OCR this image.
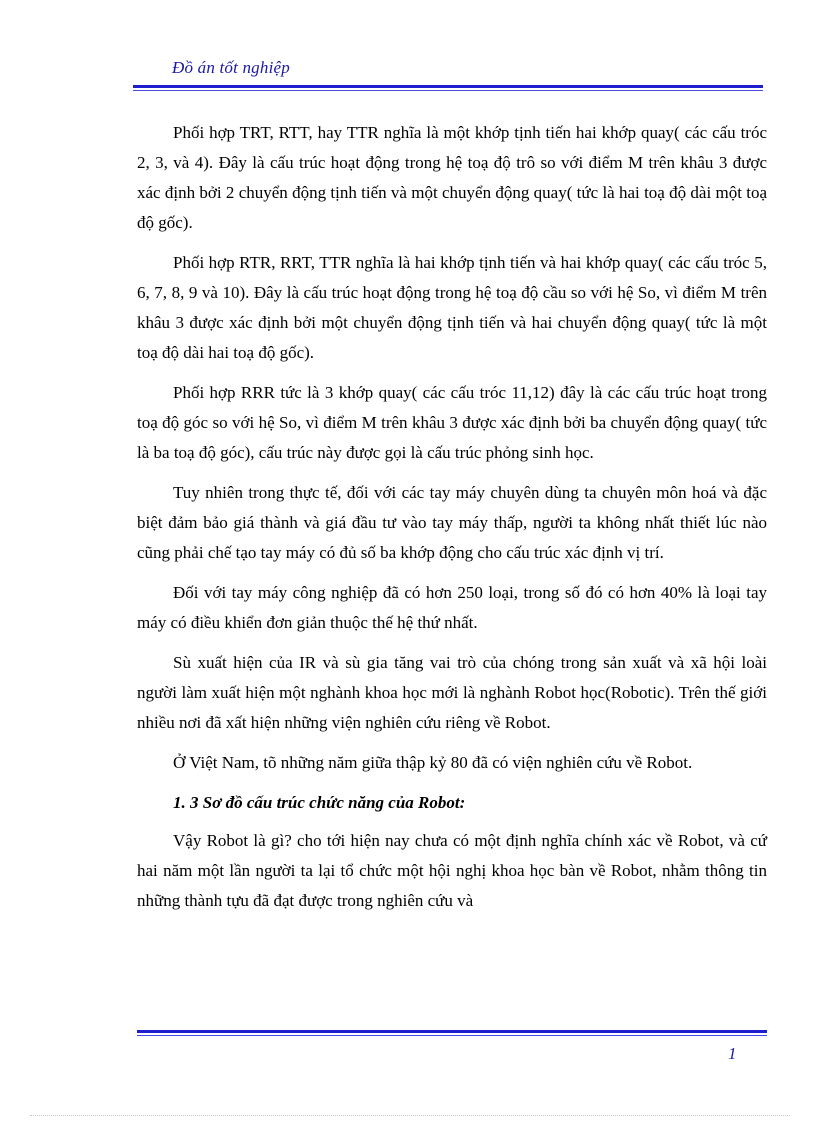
Đồ án tốt nghiệp

Phối hợp TRT, RTT, hay TTR nghĩa là một khớp tịnh tiến hai khớp quay( các cấu tróc 2, 3, và 4). Đây là cấu trúc hoạt động trong hệ toạ độ trô so với điểm M trên khâu 3 được xác định bởi 2 chuyển động tịnh tiến và một chuyển động quay( tức là hai toạ độ dài một toạ độ gốc).

Phối hợp RTR, RRT, TTR nghĩa là hai khớp tịnh tiến và hai khớp quay( các cấu tróc 5, 6, 7, 8, 9 và 10). Đây là cấu trúc hoạt động trong hệ toạ độ cầu so với hệ So, vì điểm M trên khâu 3 được xác định bởi một chuyển động tịnh tiến và hai chuyển động quay( tức là một toạ độ dài hai toạ độ gốc).

Phối hợp RRR tức là 3 khớp quay( các cấu tróc 11,12) đây là các cấu trúc hoạt trong toạ độ góc so với hệ So, vì điểm M trên khâu 3 được xác định bởi ba chuyển động quay( tức là ba toạ độ góc), cấu trúc này được gọi là cấu trúc phỏng sinh học.

Tuy nhiên trong thực tế, đối với các tay máy chuyên dùng ta chuyên môn hoá và đặc biệt đảm bảo giá thành và giá đầu tư vào tay máy thấp, người ta không nhất thiết lúc nào cũng phải chế tạo tay máy có đủ số ba khớp động cho cấu trúc xác định vị trí.

Đối với tay máy công nghiệp đã có hơn 250 loại, trong số đó có hơn 40% là loại tay máy có điều khiển đơn giản thuộc thế hệ thứ nhất.

Sù xuất hiện của IR và sù gia tăng vai trò của chóng trong sản xuất và xã hội loài người làm xuất hiện một nghành khoa học mới là nghành Robot học(Robotic). Trên thế giới nhiều nơi đã xất hiện những viện nghiên cứu riêng về Robot.

Ở Việt Nam, tõ những năm giữa thập kỷ 80 đã có viện nghiên cứu về Robot.

1. 3 Sơ đồ cấu trúc chức năng của Robot:

Vậy Robot là gì? cho tới hiện nay chưa có một định nghĩa chính xác về Robot, và cứ hai năm một lần người ta lại tổ chức một hội nghị khoa học bàn về Robot, nhằm thông tin những thành tựu đã đạt được trong nghiên cứu và

1
